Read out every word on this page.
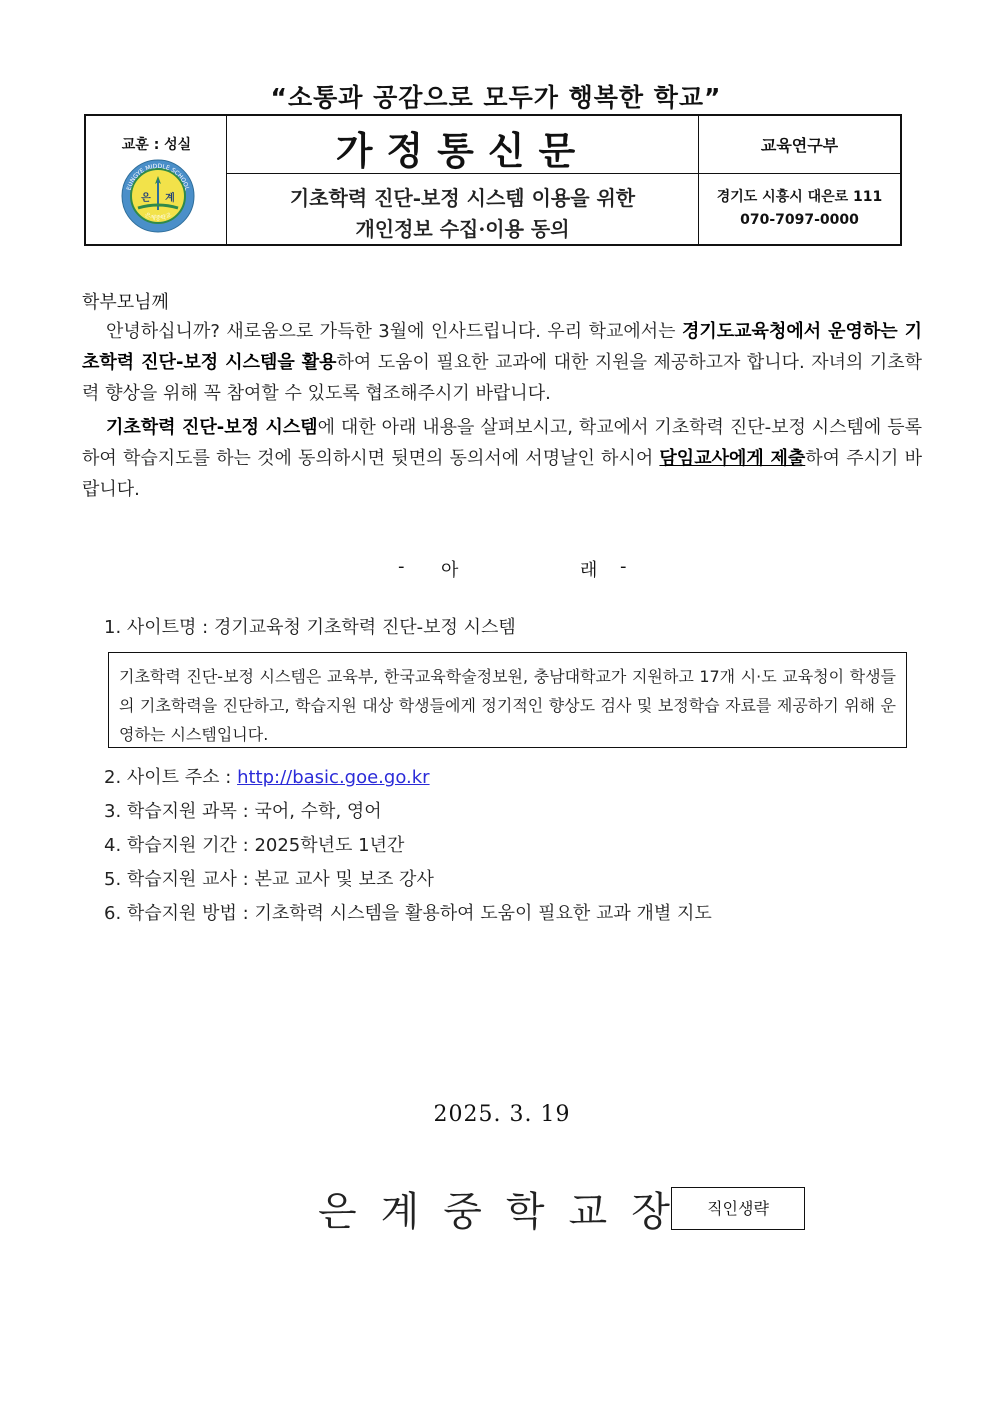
“소통과 공감으로 모두가 행복한 학교”
교훈 : 성실
EUNGYE MIDDLE SCHOOL
은계중학교
은 계
가정통신문
기초학력 진단-보정 시스템 이용을 위한
개인정보 수집·이용 동의
교육연구부
경기도 시흥시 대은로 111
070-7097-0000
학부모님께
안녕하십니까? 새로움으로 가득한 3월에 인사드립니다. 우리 학교에서는 경기도교육청에서 운영하는 기초학력 진단-보정 시스템을 활용하여 도움이 필요한 교과에 대한 지원을 제공하고자 합니다. 자녀의 기초학력 향상을 위해 꼭 참여할 수 있도록 협조해주시기 바랍니다.
기초학력 진단-보정 시스템에 대한 아래 내용을 살펴보시고, 학교에서 기초학력 진단-보정 시스템에 등록하여 학습지도를 하는 것에 동의하시면 뒷면의 동의서에 서명날인 하시어 담임교사에게 제출하여 주시기 바랍니다.
- 아	래 -
1. 사이트명 : 경기교육청 기초학력 진단-보정 시스템
기초학력 진단-보정 시스템은 교육부, 한국교육학술정보원, 충남대학교가 지원하고 17개 시·도 교육청이 학생들의 기초학력을 진단하고, 학습지원 대상 학생들에게 정기적인 향상도 검사 및 보정학습 자료를 제공하기 위해 운영하는 시스템입니다.
2. 사이트 주소 : http://basic.goe.go.kr
3. 학습지원 과목 : 국어, 수학, 영어
4. 학습지원 기간 : 2025학년도 1년간
5. 학습지원 교사 : 본교 교사 및 보조 강사
6. 학습지원 방법 : 기초학력 시스템을 활용하여 도움이 필요한 교과 개별 지도
2025. 3. 19
은계중학교장 직인생략
